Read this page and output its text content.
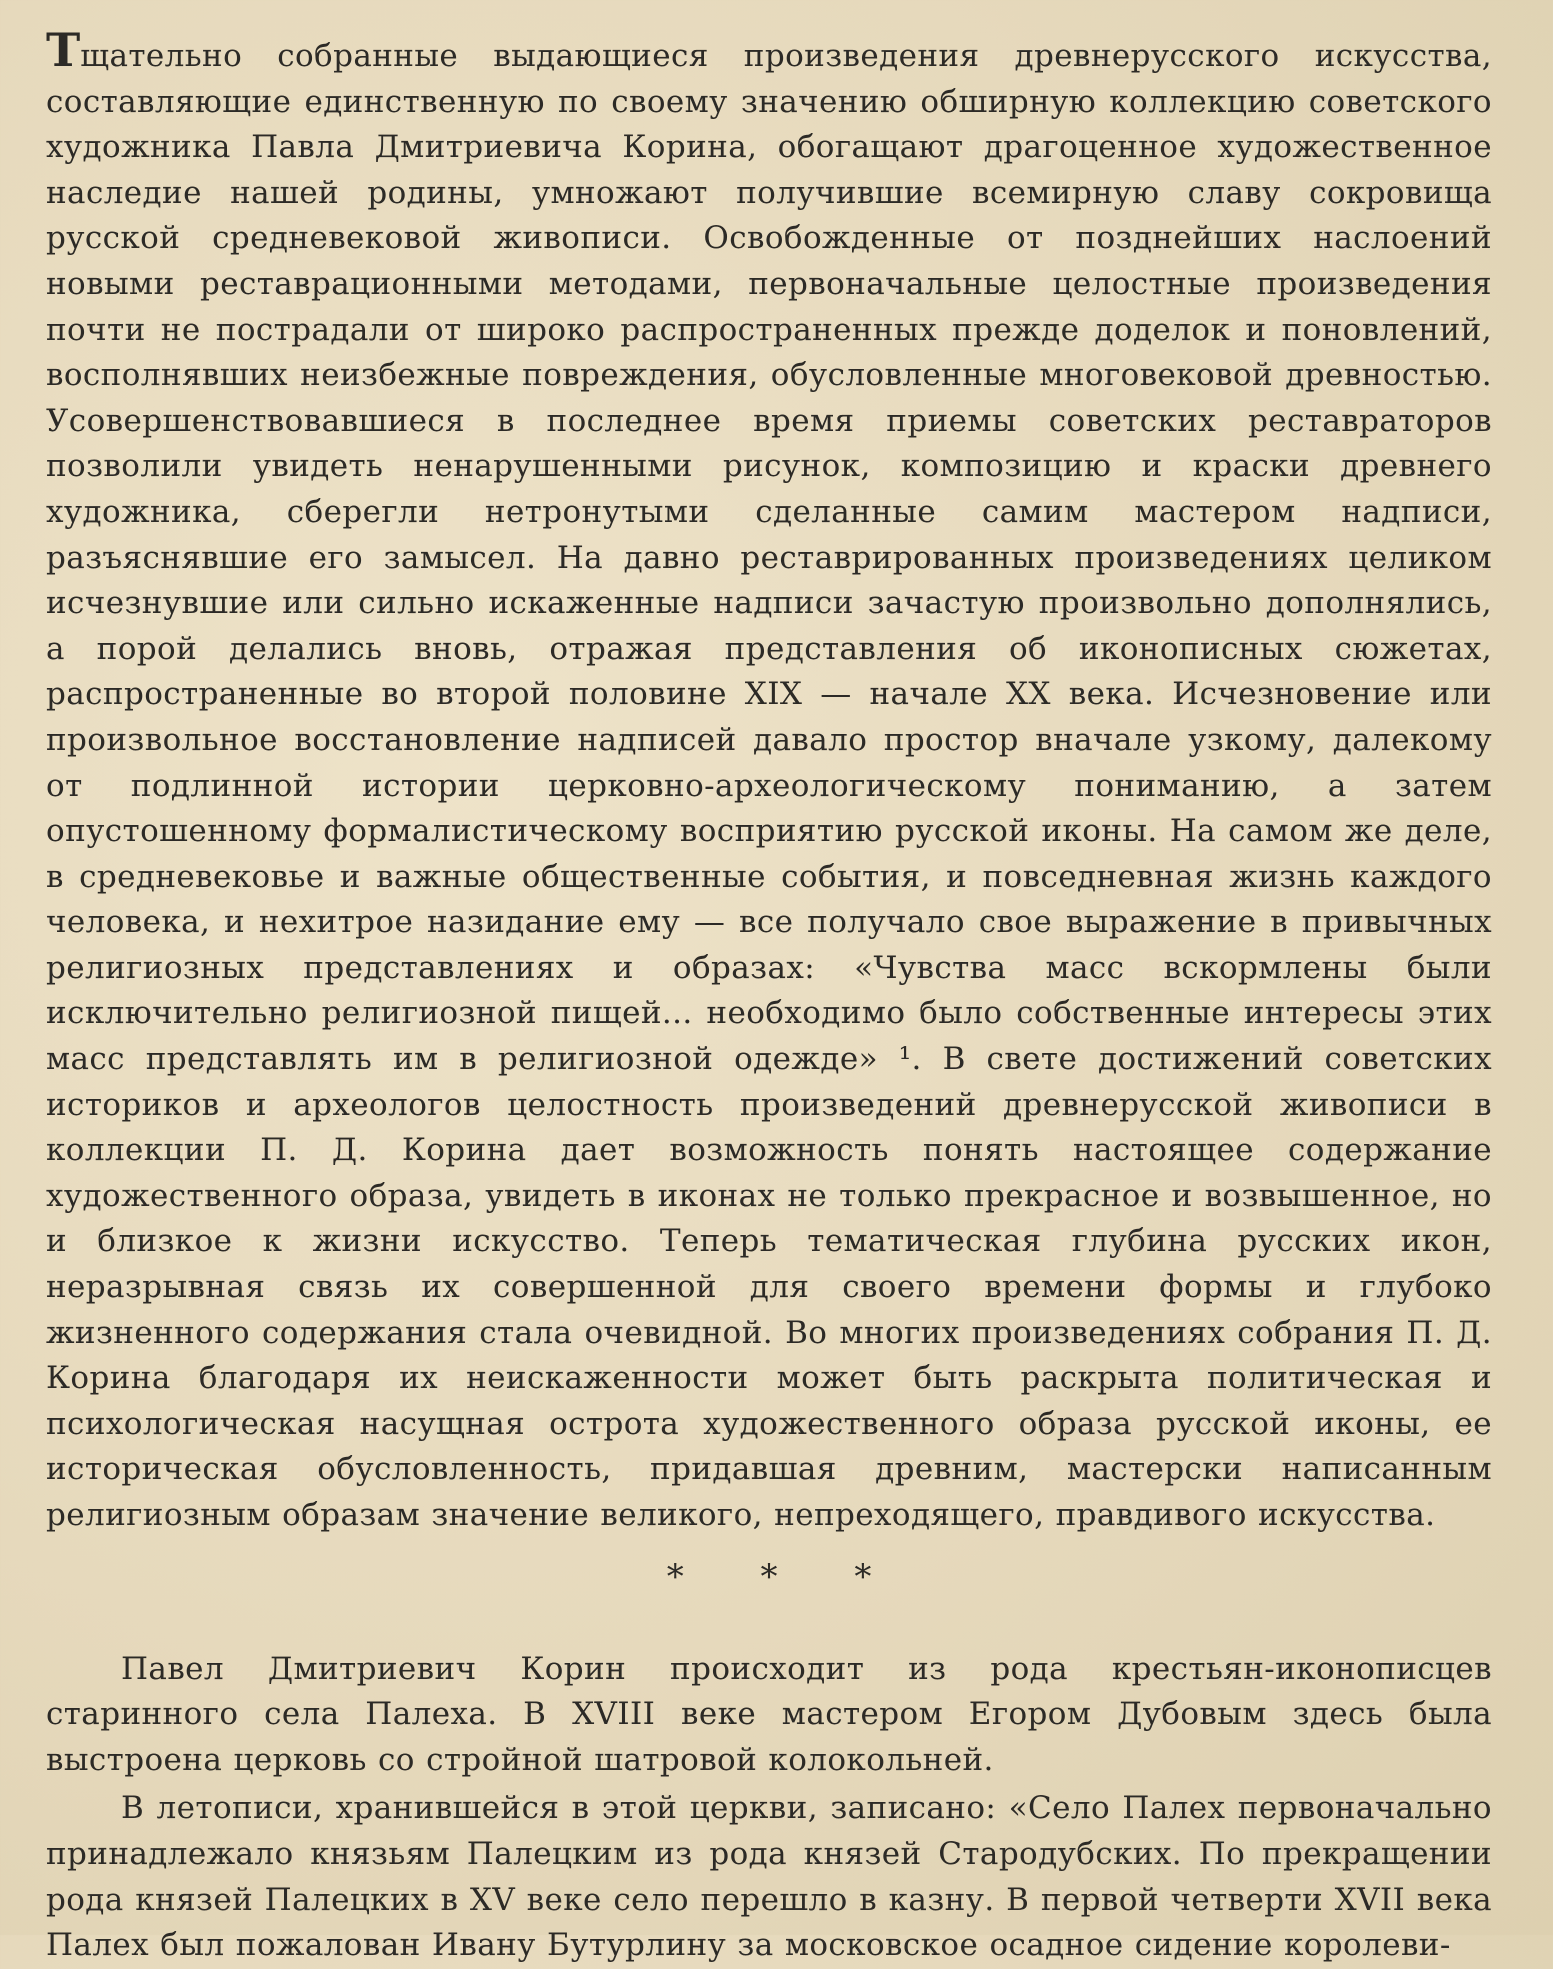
Тщательно собранные выдающиеся произведения древнерусского искусства, составляющие единственную по своему значению обширную коллекцию советского художника Павла Дмитриевича Корина, обогащают драгоценное художественное наследие нашей родины, умножают получившие всемирную славу сокровища русской средневековой живописи. Освобожденные от позднейших наслоений новыми реставрационными методами, первоначальные целостные произведения почти не пострадали от широко распространенных прежде доделок и поновлений, восполнявших неизбежные повреждения, обусловленные многовековой древностью. Усовершенствовавшиеся в последнее время приемы советских реставраторов позволили увидеть ненарушенными рисунок, композицию и краски древнего художника, сберегли нетронутыми сделанные самим мастером надписи, разъяснявшие его замысел. На давно реставрированных произведениях целиком исчезнувшие или сильно искаженные надписи зачастую произвольно дополнялись, а порой делались вновь, отражая представления об иконописных сюжетах, распространенные во второй половине XIX — начале XX века. Исчезновение или произвольное восстановление надписей давало простор вначале узкому, далекому от подлинной истории церковно-археологическому пониманию, а затем опустошенному формалистическому восприятию русской иконы. На самом же деле, в средневековье и важные общественные события, и повседневная жизнь каждого человека, и нехитрое назидание ему — все получало свое выражение в привычных религиозных представлениях и образах: «Чувства масс вскормлены были исключительно религиозной пищей... необходимо было собственные интересы этих масс представлять им в религиозной одежде» ¹. В свете достижений советских историков и археологов целостность произведений древнерусской живописи в коллекции П. Д. Корина дает возможность понять настоящее содержание художественного образа, увидеть в иконах не только прекрасное и возвышенное, но и близкое к жизни искусство. Теперь тематическая глубина русских икон, неразрывная связь их совершенной для своего времени формы и глубоко жизненного содержания стала очевидной. Во многих произведениях собрания П. Д. Корина благодаря их неискаженности может быть раскрыта политическая и психологическая насущная острота художественного образа русской иконы, ее историческая обусловленность, придавшая древним, мастерски написанным религиозным образам значение великого, непреходящего, правдивого искусства.

* * *

Павел Дмитриевич Корин происходит из рода крестьян-иконописцев старинного села Палеха. В XVIII веке мастером Егором Дубовым здесь была выстроена церковь со стройной шатровой колокольней.

В летописи, хранившейся в этой церкви, записано: «Село Палех первоначально принадлежало князьям Палецким из рода князей Стародубских. По прекращении рода князей Палецких в XV веке село перешло в казну. В первой четверти XVII века Палех был пожалован Ивану Бутурлину за московское осадное сидение королеви-
